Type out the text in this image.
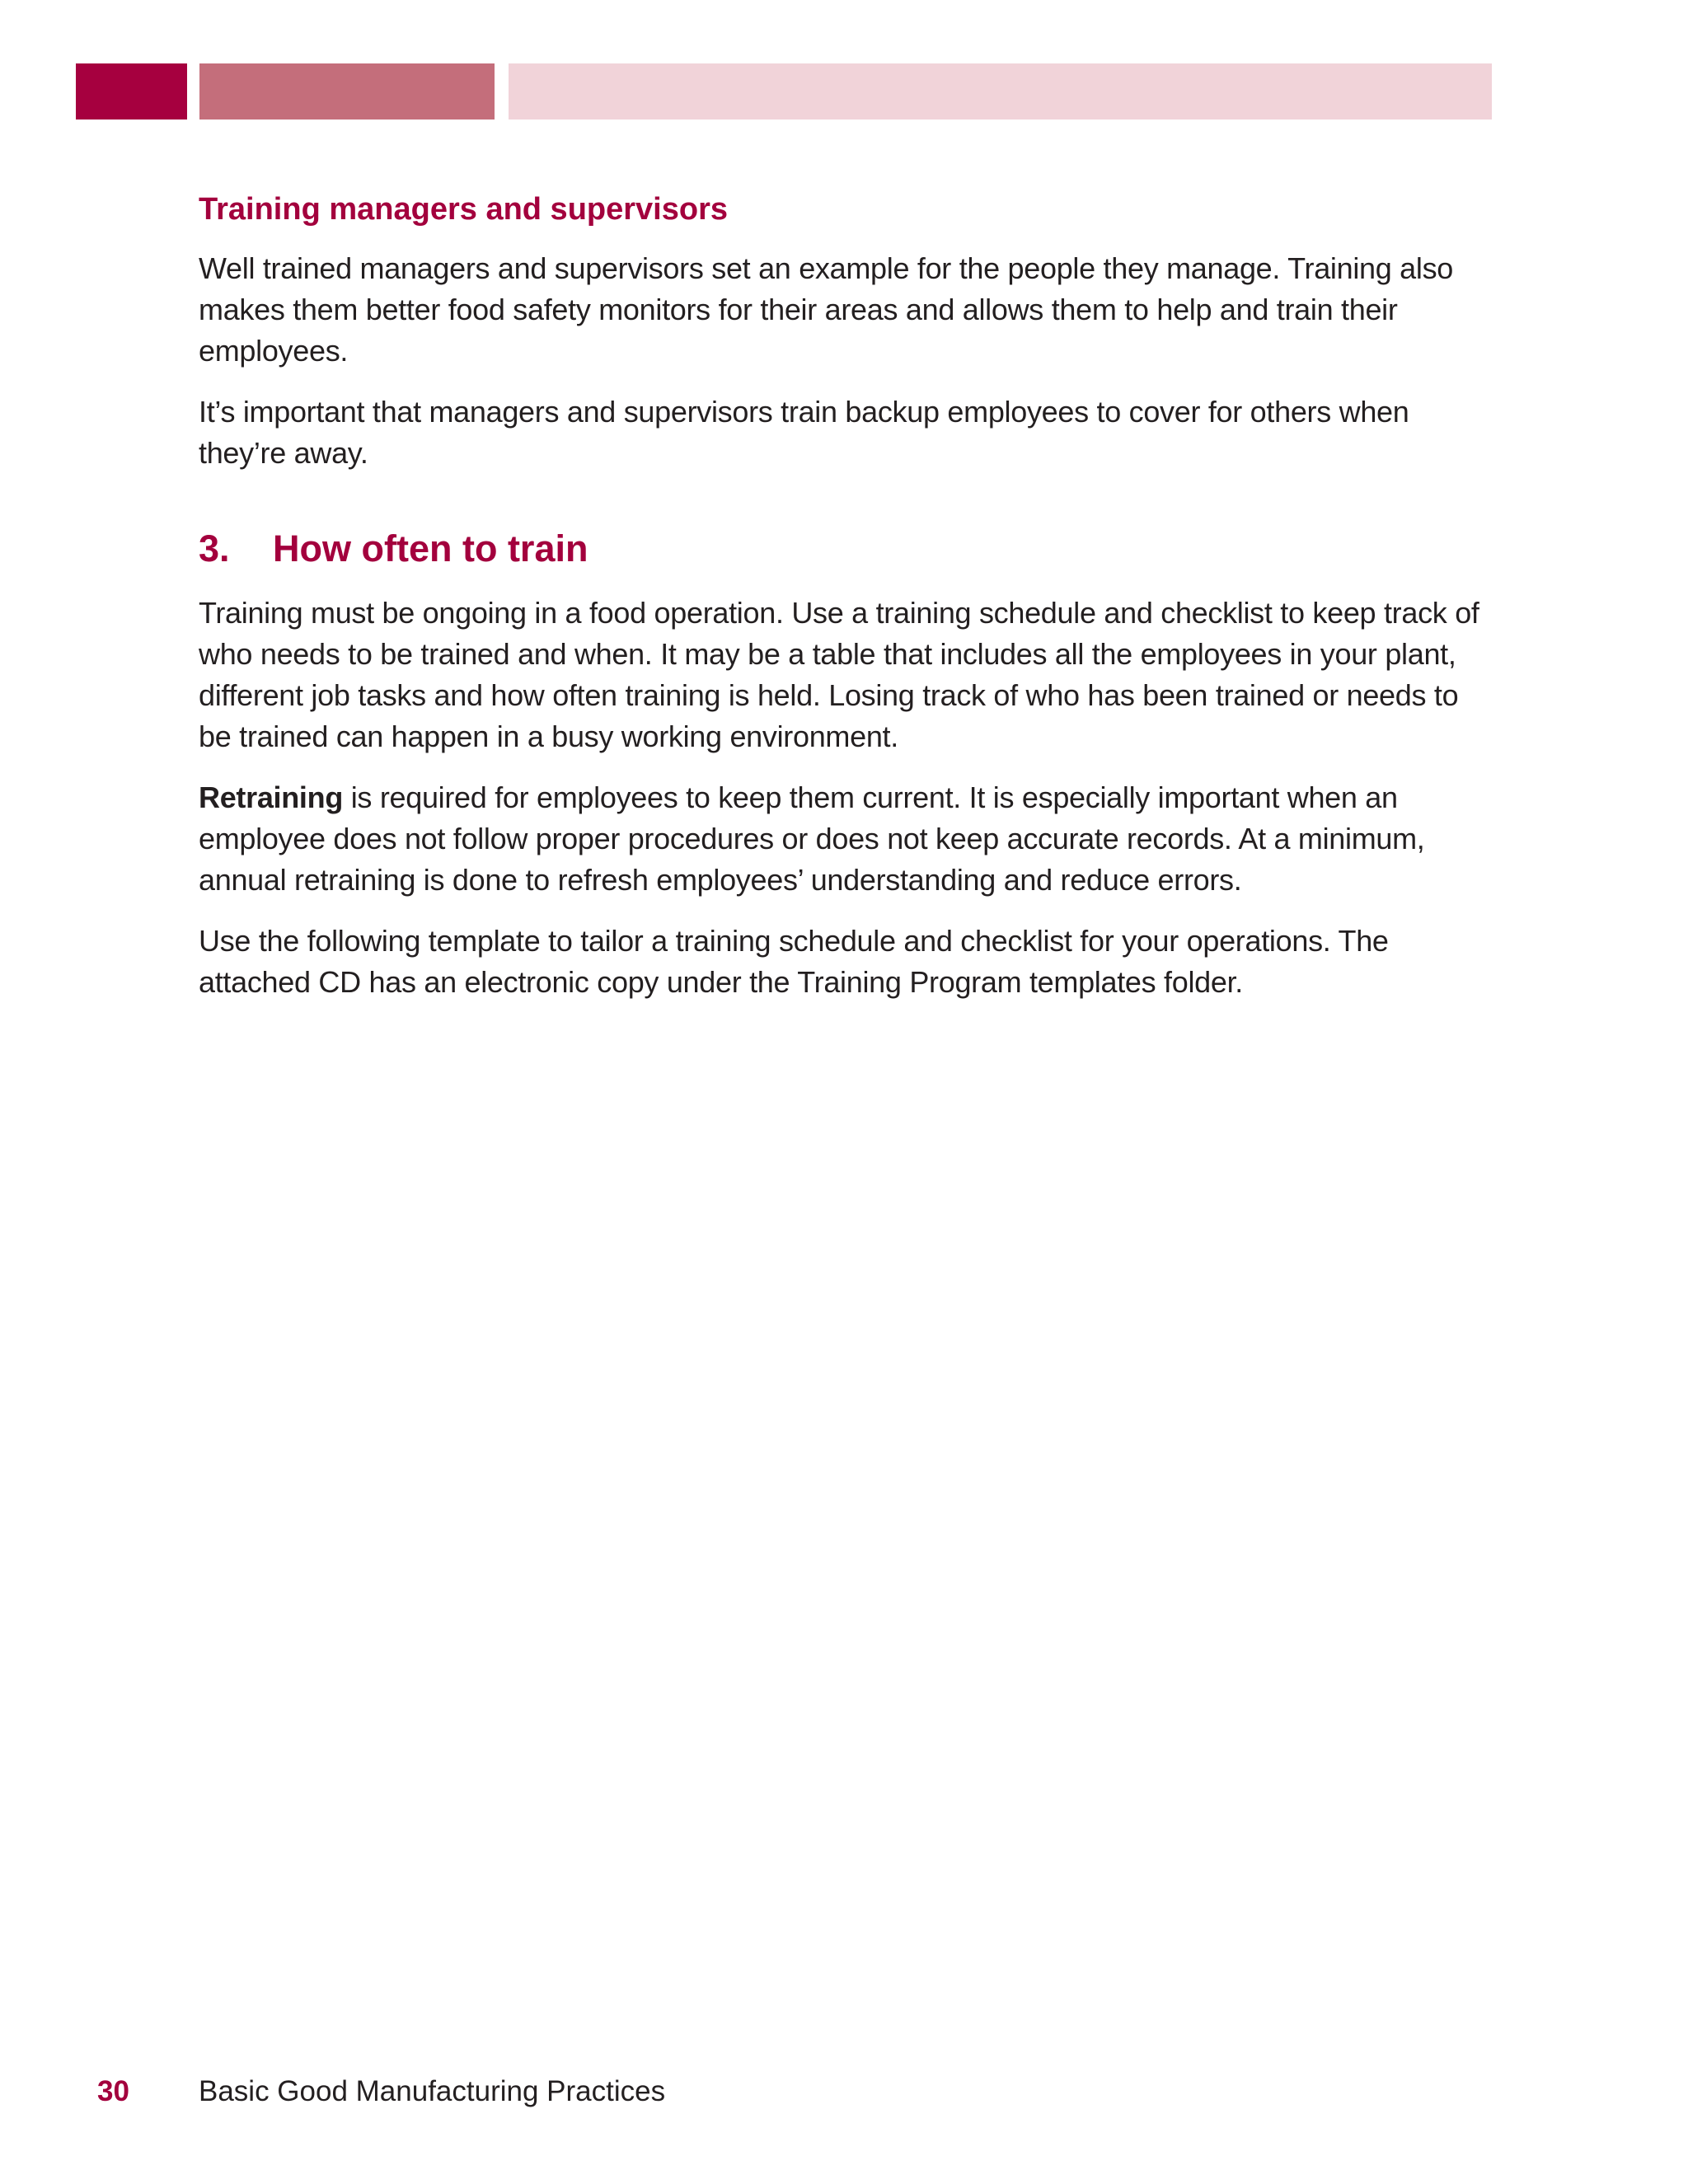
Training managers and supervisors

Well trained managers and supervisors set an example for the people they manage. Training also makes them better food safety monitors for their areas and allows them to help and train their employees.

It’s important that managers and supervisors train backup employees to cover for others when they’re away.

3. How often to train

Training must be ongoing in a food operation. Use a training schedule and checklist to keep track of who needs to be trained and when. It may be a table that includes all the employees in your plant, different job tasks and how often training is held. Losing track of who has been trained or needs to be trained can happen in a busy working environment.

Retraining is required for employees to keep them current. It is especially important when an employee does not follow proper procedures or does not keep accurate records. At a minimum, annual retraining is done to refresh employees’ understanding and reduce errors.

Use the following template to tailor a training schedule and checklist for your operations. The attached CD has an electronic copy under the Training Program templates folder.

30 Basic Good Manufacturing Practices
